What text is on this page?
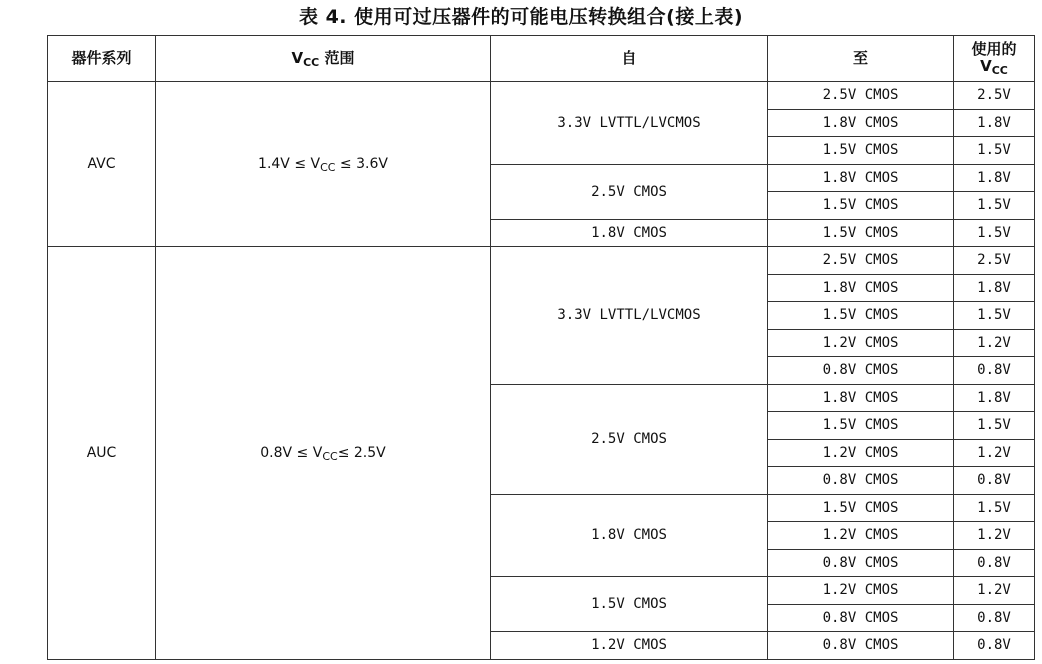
表 4. 使用可过压器件的可能电压转换组合(接上表)
器件系列	$V_{CC}$ 范围	自	至	使用的
$V_{CC}$
AVC	$1.4V \le V_{CC} \le 3.6V$	3.3V LVTTL/LVCMOS	2.5V CMOS	2.5V
			1.8V CMOS	1.8V
			1.5V CMOS	1.5V
		2.5V CMOS	1.8V CMOS	1.8V
			1.5V CMOS	1.5V
		1.8V CMOS	1.5V CMOS	1.5V
AUC	$0.8V \le V_{CC}\le 2.5V$	3.3V LVTTL/LVCMOS	2.5V CMOS	2.5V
			1.8V CMOS	1.8V
			1.5V CMOS	1.5V
			1.2V CMOS	1.2V
			0.8V CMOS	0.8V
		2.5V CMOS	1.8V CMOS	1.8V
			1.5V CMOS	1.5V
			1.2V CMOS	1.2V
			0.8V CMOS	0.8V
		1.8V CMOS	1.5V CMOS	1.5V
			1.2V CMOS	1.2V
			0.8V CMOS	0.8V
		1.5V CMOS	1.2V CMOS	1.2V
			0.8V CMOS	0.8V
		1.2V CMOS	0.8V CMOS	0.8V
